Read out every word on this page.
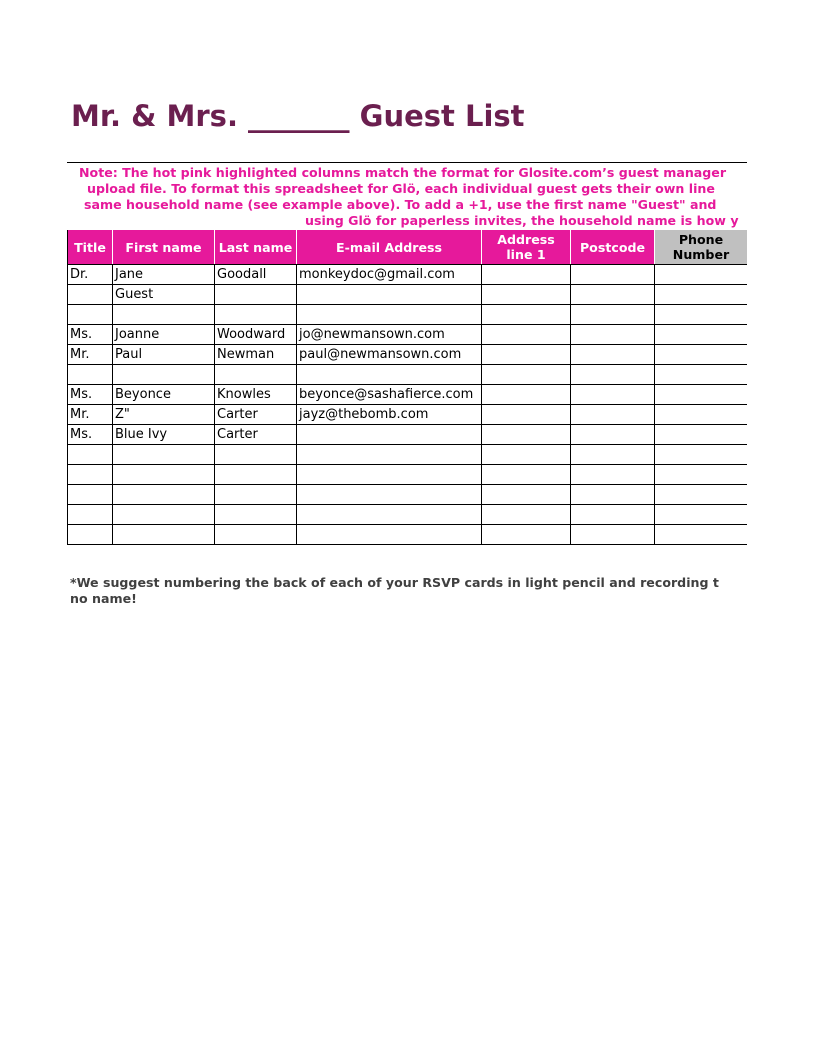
Mr. & Mrs. _______ Guest List
Note: The hot pink highlighted columns match the format for Glosite.com’s guest manager
upload file. To format this spreadsheet for Glö, each individual guest gets their own line
same household name (see example above). To add a +1, use the first name "Guest" and
using Glö for paperless invites, the household name is how y
Title	First name	Last name	E-mail Address	Address line 1	Postcode	Phone Number
Dr.	Jane	Goodall	monkeydoc@gmail.com			
	Guest					

Ms.	Joanne	Woodward	jo@newmansown.com			
Mr.	Paul	Newman	paul@newmansown.com			

Ms.	Beyonce	Knowles	beyonce@sashafierce.com			
Mr.	Z"	Carter	jayz@thebomb.com			
Ms.	Blue Ivy	Carter				

*We suggest numbering the back of each of your RSVP cards in light pencil and recording t
no name!
